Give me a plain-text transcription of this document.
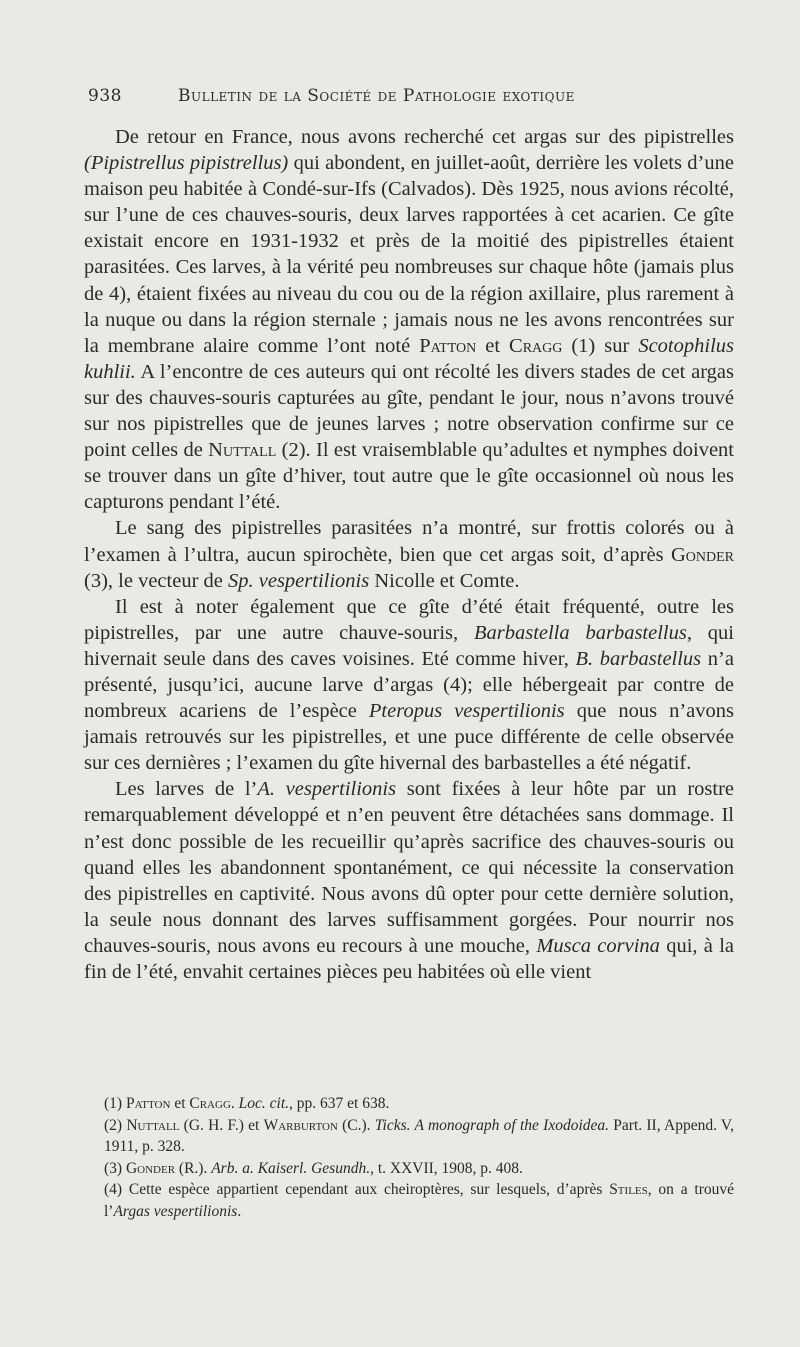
938	Bulletin de la Société de Pathologie exotique

De retour en France, nous avons recherché cet argas sur des pipistrelles (Pipistrellus pipistrellus) qui abondent, en juillet-août, derrière les volets d’une maison peu habitée à Condé-sur-Ifs (Calvados). Dès 1925, nous avions récolté, sur l’une de ces chauves-souris, deux larves rapportées à cet acarien. Ce gîte existait encore en 1931-1932 et près de la moitié des pipistrelles étaient parasitées. Ces larves, à la vérité peu nombreuses sur chaque hôte (jamais plus de 4), étaient fixées au niveau du cou ou de la région axillaire, plus rarement à la nuque ou dans la région sternale ; jamais nous ne les avons rencontrées sur la membrane alaire comme l’ont noté Patton et Cragg (1) sur Scotophilus kuhlii. A l’encontre de ces auteurs qui ont récolté les divers stades de cet argas sur des chauves-souris capturées au gîte, pendant le jour, nous n’avons trouvé sur nos pipistrelles que de jeunes larves ; notre observation confirme sur ce point celles de Nuttall (2). Il est vraisemblable qu’adultes et nymphes doivent se trouver dans un gîte d’hiver, tout autre que le gîte occasionnel où nous les capturons pendant l’été.

Le sang des pipistrelles parasitées n’a montré, sur frottis colorés ou à l’examen à l’ultra, aucun spirochète, bien que cet argas soit, d’après Gonder (3), le vecteur de Sp. vespertilionis Nicolle et Comte.

Il est à noter également que ce gîte d’été était fréquenté, outre les pipistrelles, par une autre chauve-souris, Barbastella barbastellus, qui hivernait seule dans des caves voisines. Eté comme hiver, B. barbastellus n’a présenté, jusqu’ici, aucune larve d’argas (4); elle hébergeait par contre de nombreux acariens de l’espèce Pteropus vespertilionis que nous n’avons jamais retrouvés sur les pipistrelles, et une puce différente de celle observée sur ces dernières ; l’examen du gîte hivernal des barbastelles a été négatif.

Les larves de l’A. vespertilionis sont fixées à leur hôte par un rostre remarquablement développé et n’en peuvent être détachées sans dommage. Il n’est donc possible de les recueillir qu’après sacrifice des chauves-souris ou quand elles les abandonnent spontanément, ce qui nécessite la conservation des pipistrelles en captivité. Nous avons dû opter pour cette dernière solution, la seule nous donnant des larves suffisamment gorgées. Pour nourrir nos chauves-souris, nous avons eu recours à une mouche, Musca corvina qui, à la fin de l’été, envahit certaines pièces peu habitées où elle vient

(1) Patton et Cragg. Loc. cit., pp. 637 et 638.

(2) Nuttall (G. H. F.) et Warburton (C.). Ticks. A monograph of the Ixodoidea. Part. II, Append. V, 1911, p. 328.

(3) Gonder (R.). Arb. a. Kaiserl. Gesundh., t. XXVII, 1908, p. 408.

(4) Cette espèce appartient cependant aux cheiroptères, sur lesquels, d’après Stiles, on a trouvé l’Argas vespertilionis.
